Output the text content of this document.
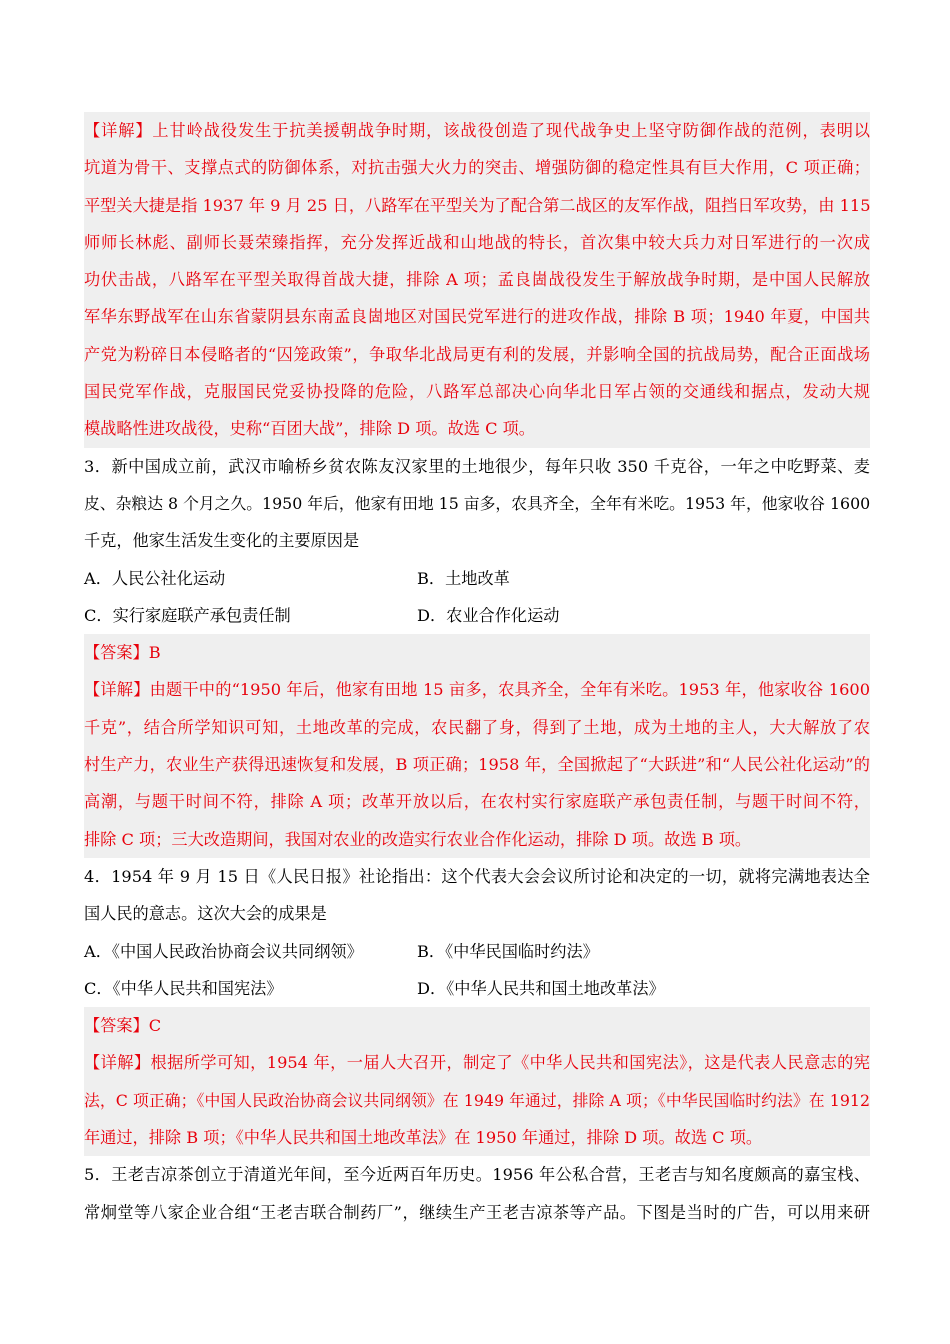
【详解】上甘岭战役发生于抗美援朝战争时期，该战役创造了现代战争史上坚守防御作战的范例，表明以
坑道为骨干、支撑点式的防御体系，对抗击强大火力的突击、增强防御的稳定性具有巨大作用，C 项正确；
平型关大捷是指 1937 年 9 月 25 日，八路军在平型关为了配合第二战区的友军作战，阻挡日军攻势，由 115
师师长林彪、副师长聂荣臻指挥，充分发挥近战和山地战的特长，首次集中较大兵力对日军进行的一次成
功伏击战，八路军在平型关取得首战大捷，排除 A 项；孟良崮战役发生于解放战争时期，是中国人民解放
军华东野战军在山东省蒙阴县东南孟良崮地区对国民党军进行的进攻作战，排除 B 项；1940 年夏，中国共
产党为粉碎日本侵略者的“囚笼政策”，争取华北战局更有利的发展，并影响全国的抗战局势，配合正面战场
国民党军作战，克服国民党妥协投降的危险，八路军总部决心向华北日军占领的交通线和据点，发动大规
模战略性进攻战役，史称“百团大战”，排除 D 项。故选 C 项。
3．新中国成立前，武汉市喻桥乡贫农陈友汉家里的土地很少，每年只收 350 千克谷，一年之中吃野菜、麦
皮、杂粮达 8 个月之久。1950 年后，他家有田地 15 亩多，农具齐全，全年有米吃。1953 年，他家收谷 1600
千克，他家生活发生变化的主要原因是
A．人民公社化运动	B．土地改革
C．实行家庭联产承包责任制	D．农业合作化运动
【答案】B
【详解】由题干中的“1950 年后，他家有田地 15 亩多，农具齐全，全年有米吃。1953 年，他家收谷 1600
千克”，结合所学知识可知，土地改革的完成，农民翻了身，得到了土地，成为土地的主人，大大解放了农
村生产力，农业生产获得迅速恢复和发展，B 项正确；1958 年，全国掀起了“大跃进”和“人民公社化运动”的
高潮，与题干时间不符，排除 A 项；改革开放以后，在农村实行家庭联产承包责任制，与题干时间不符，
排除 C 项；三大改造期间，我国对农业的改造实行农业合作化运动，排除 D 项。故选 B 项。
4．1954 年 9 月 15 日《人民日报》社论指出：这个代表大会会议所讨论和决定的一切，就将完满地表达全
国人民的意志。这次大会的成果是
A．《中国人民政治协商会议共同纲领》	B．《中华民国临时约法》
C．《中华人民共和国宪法》	D．《中华人民共和国土地改革法》
【答案】C
【详解】根据所学可知，1954 年，一届人大召开，制定了《中华人民共和国宪法》，这是代表人民意志的宪
法，C 项正确；《中国人民政治协商会议共同纲领》在 1949 年通过，排除 A 项；《中华民国临时约法》在 1912
年通过，排除 B 项；《中华人民共和国土地改革法》在 1950 年通过，排除 D 项。故选 C 项。
5．王老吉凉茶创立于清道光年间，至今近两百年历史。1956 年公私合营，王老吉与知名度颇高的嘉宝栈、
常炯堂等八家企业合组“王老吉联合制药厂”，继续生产王老吉凉茶等产品。下图是当时的广告，可以用来研
